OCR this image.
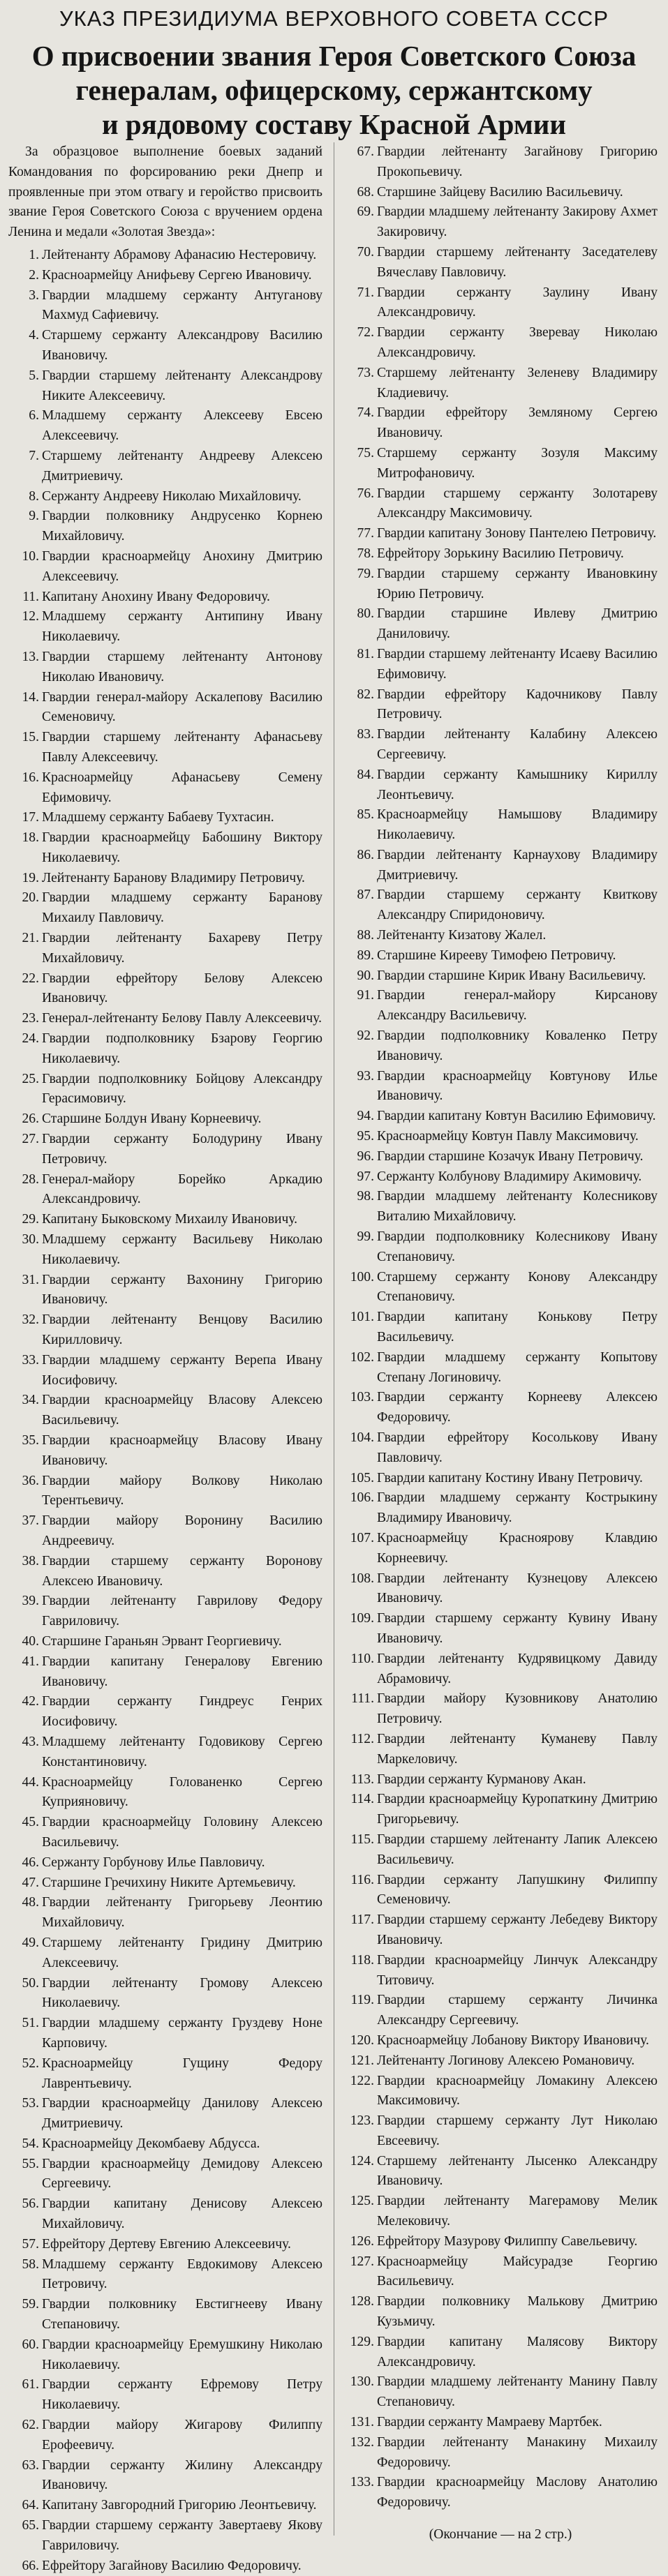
УКАЗ ПРЕЗИДИУМА ВЕРХОВНОГО СОВЕТА СССР
О присвоении звания Героя Советского Союза
генералам, офицерскому, сержантскому
и рядовому составу Красной Армии
За образцовое выполнение боевых заданий Командования по форсированию реки Днепр и проявленные при этом отвагу и геройство присвоить звание Героя Советского Союза с вручением ордена Ленина и медали «Золотая Звезда»:
1. Лейтенанту Абрамову Афанасию Нестеровичу.
2. Красноармейцу Анифьеву Сергею Ивановичу.
3. Гвардии младшему сержанту Антуганову Махмуд Сафиевичу.
4. Старшему сержанту Александрову Василию Ивановичу.
5. Гвардии старшему лейтенанту Александрову Никите Алексеевичу.
6. Младшему сержанту Алексееву Евсею Алексеевичу.
7. Старшему лейтенанту Андрееву Алексею Дмитриевичу.
8. Сержанту Андрееву Николаю Михайловичу.
9. Гвардии полковнику Андрусенко Корнею Михайловичу.
10. Гвардии красноармейцу Анохину Дмитрию Алексеевичу.
11. Капитану Анохину Ивану Федоровичу.
12. Младшему сержанту Антипину Ивану Николаевичу.
13. Гвардии старшему лейтенанту Антонову Николаю Ивановичу.
14. Гвардии генерал-майору Аскалепову Василию Семеновичу.
15. Гвардии старшему лейтенанту Афанасьеву Павлу Алексеевичу.
16. Красноармейцу Афанасьеву Семену Ефимовичу.
17. Младшему сержанту Бабаеву Тухтасин.
18. Гвардии красноармейцу Бабошину Виктору Николаевичу.
19. Лейтенанту Баранову Владимиру Петровичу.
20. Гвардии младшему сержанту Баранову Михаилу Павловичу.
21. Гвардии лейтенанту Бахареву Петру Михайловичу.
22. Гвардии ефрейтору Белову Алексею Ивановичу.
23. Генерал-лейтенанту Белову Павлу Алексеевичу.
24. Гвардии подполковнику Бзарову Георгию Николаевичу.
25. Гвардии подполковнику Бойцову Александру Герасимовичу.
26. Старшине Болдун Ивану Корнеевичу.
27. Гвардии сержанту Болодурину Ивану Петровичу.
28. Генерал-майору Борейко Аркадию Александровичу.
29. Капитану Быковскому Михаилу Ивановичу.
30. Младшему сержанту Васильеву Николаю Николаевичу.
31. Гвардии сержанту Вахонину Григорию Ивановичу.
32. Гвардии лейтенанту Венцову Василию Кирилловичу.
33. Гвардии младшему сержанту Верепа Ивану Иосифовичу.
34. Гвардии красноармейцу Власову Алексею Васильевичу.
35. Гвардии красноармейцу Власову Ивану Ивановичу.
36. Гвардии майору Волкову Николаю Терентьевичу.
37. Гвардии майору Воронину Василию Андреевичу.
38. Гвардии старшему сержанту Воронову Алексею Ивановичу.
39. Гвардии лейтенанту Гаврилову Федору Гавриловичу.
40. Старшине Гараньян Эрвант Георгиевичу.
41. Гвардии капитану Генералову Евгению Ивановичу.
42. Гвардии сержанту Гиндреус Генрих Иосифовичу.
43. Младшему лейтенанту Годовикову Сергею Константиновичу.
44. Красноармейцу Голованенко Сергею Куприяновичу.
45. Гвардии красноармейцу Головину Алексею Васильевичу.
46. Сержанту Горбунову Илье Павловичу.
47. Старшине Гречихину Никите Артемьевичу.
48. Гвардии лейтенанту Григорьеву Леонтию Михайловичу.
49. Старшему лейтенанту Гридину Дмитрию Алексеевичу.
50. Гвардии лейтенанту Громову Алексею Николаевичу.
51. Гвардии младшему сержанту Груздеву Ноне Карповичу.
52. Красноармейцу Гущину Федору Лаврентьевичу.
53. Гвардии красноармейцу Данилову Алексею Дмитриевичу.
54. Красноармейцу Декомбаеву Абдусса.
55. Гвардии красноармейцу Демидову Алексею Сергеевичу.
56. Гвардии капитану Денисову Алексею Михайловичу.
57. Ефрейтору Дертеву Евгению Алексеевичу.
58. Младшему сержанту Евдокимову Алексею Петровичу.
59. Гвардии полковнику Евстигнееву Ивану Степановичу.
60. Гвардии красноармейцу Еремушкину Николаю Николаевичу.
61. Гвардии сержанту Ефремову Петру Николаевичу.
62. Гвардии майору Жигарову Филиппу Ерофеевичу.
63. Гвардии сержанту Жилину Александру Ивановичу.
64. Капитану Завгородний Григорию Леонтьевичу.
65. Гвардии старшему сержанту Завертаеву Якову Гавриловичу.
66. Ефрейтору Загайнову Василию Федоровичу.
67. Гвардии лейтенанту Загайнову Григорию Прокопьевичу.
68. Старшине Зайцеву Василию Васильевичу.
69. Гвардии младшему лейтенанту Закирову Ахмет Закировичу.
70. Гвардии старшему лейтенанту Заседателеву Вячеславу Павловичу.
71. Гвардии сержанту Заулину Ивану Александровичу.
72. Гвардии сержанту Зверевау Николаю Александровичу.
73. Старшему лейтенанту Зеленеву Владимиру Кладиевичу.
74. Гвардии ефрейтору Земляному Сергею Ивановичу.
75. Старшему сержанту Зозуля Максиму Митрофановичу.
76. Гвардии старшему сержанту Золотареву Александру Максимовичу.
77. Гвардии капитану Зонову Пантелею Петровичу.
78. Ефрейтору Зорькину Василию Петровичу.
79. Гвардии старшему сержанту Ивановкину Юрию Петровичу.
80. Гвардии старшине Ивлеву Дмитрию Даниловичу.
81. Гвардии старшему лейтенанту Исаеву Василию Ефимовичу.
82. Гвардии ефрейтору Кадочникову Павлу Петровичу.
83. Гвардии лейтенанту Калабину Алексею Сергеевичу.
84. Гвардии сержанту Камышнику Кириллу Леонтьевичу.
85. Красноармейцу Намышову Владимиру Николаевичу.
86. Гвардии лейтенанту Карнаухову Владимиру Дмитриевичу.
87. Гвардии старшему сержанту Квиткову Александру Спиридоновичу.
88. Лейтенанту Кизатову Жалел.
89. Старшине Кирееву Тимофею Петровичу.
90. Гвардии старшине Кирик Ивану Васильевичу.
91. Гвардии генерал-майору Кирсанову Александру Васильевичу.
92. Гвардии подполковнику Коваленко Петру Ивановичу.
93. Гвардии красноармейцу Ковтунову Илье Ивановичу.
94. Гвардии капитану Ковтун Василию Ефимовичу.
95. Красноармейцу Ковтун Павлу Максимовичу.
96. Гвардии старшине Козачук Ивану Петровичу.
97. Сержанту Колбунову Владимиру Акимовичу.
98. Гвардии младшему лейтенанту Колесникову Виталию Михайловичу.
99. Гвардии подполковнику Колесникову Ивану Степановичу.
100. Старшему сержанту Конову Александру Степановичу.
101. Гвардии капитану Конькову Петру Васильевичу.
102. Гвардии младшему сержанту Копытову Степану Логиновичу.
103. Гвардии сержанту Корнееву Алексею Федоровичу.
104. Гвардии ефрейтору Косолькову Ивану Павловичу.
105. Гвардии капитану Костину Ивану Петровичу.
106. Гвардии младшему сержанту Кострыкину Владимиру Ивановичу.
107. Красноармейцу Красноярову Клавдию Корнеевичу.
108. Гвардии лейтенанту Кузнецову Алексею Ивановичу.
109. Гвардии старшему сержанту Кувину Ивану Ивановичу.
110. Гвардии лейтенанту Кудрявицкому Давиду Абрамовичу.
111. Гвардии майору Кузовникову Анатолию Петровичу.
112. Гвардии лейтенанту Куманеву Павлу Маркеловичу.
113. Гвардии сержанту Курманову Акан.
114. Гвардии красноармейцу Куропаткину Дмитрию Григорьевичу.
115. Гвардии старшему лейтенанту Лапик Алексею Васильевичу.
116. Гвардии сержанту Лапушкину Филиппу Семеновичу.
117. Гвардии старшему сержанту Лебедеву Виктору Ивановичу.
118. Гвардии красноармейцу Линчук Александру Титовичу.
119. Гвардии старшему сержанту Личинка Александру Сергеевичу.
120. Красноармейцу Лобанову Виктору Ивановичу.
121. Лейтенанту Логинову Алексею Романовичу.
122. Гвардии красноармейцу Ломакину Алексею Максимовичу.
123. Гвардии старшему сержанту Лут Николаю Евсеевичу.
124. Старшему лейтенанту Лысенко Александру Ивановичу.
125. Гвардии лейтенанту Магерамову Мелик Мелековичу.
126. Ефрейтору Мазурову Филиппу Савельевичу.
127. Красноармейцу Майсурадзе Георгию Васильевичу.
128. Гвардии полковнику Малькову Дмитрию Кузьмичу.
129. Гвардии капитану Малясову Виктору Александровичу.
130. Гвардии младшему лейтенанту Манину Павлу Степановичу.
131. Гвардии сержанту Мамраеву Мартбек.
132. Гвардии лейтенанту Манакину Михаилу Федоровичу.
133. Гвардии красноармейцу Маслову Анатолию Федоровичу.
(Окончание — на 2 стр.)
